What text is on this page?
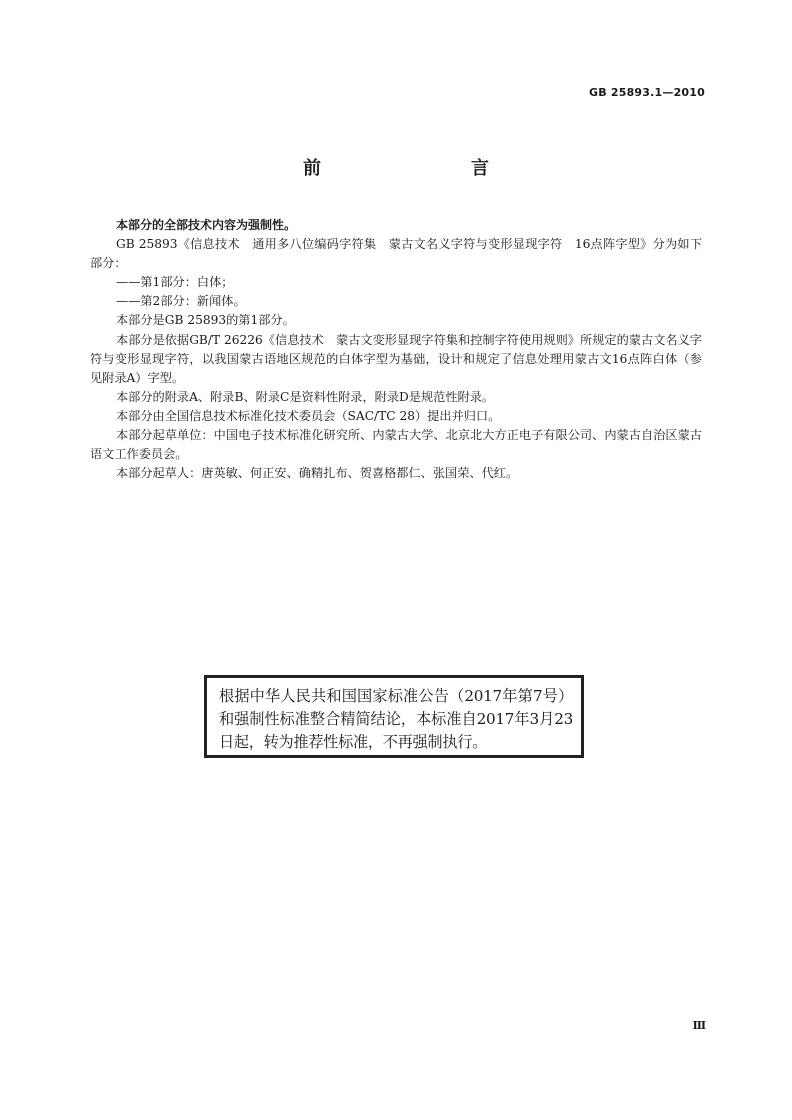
GB 25893.1—2010
前　　言

本部分的全部技术内容为强制性。

GB 25893《信息技术　通用多八位编码字符集　蒙古文名义字符与变形显现字符　16点阵字型》分为如下部分：

——第1部分：白体；

——第2部分：新闻体。

本部分是GB 25893的第1部分。

本部分是依据GB/T 26226《信息技术　蒙古文变形显现字符集和控制字符使用规则》所规定的蒙古文名义字符与变形显现字符，以我国蒙古语地区规范的白体字型为基础，设计和规定了信息处理用蒙古文16点阵白体（参见附录A）字型。

本部分的附录A、附录B、附录C是资料性附录，附录D是规范性附录。

本部分由全国信息技术标准化技术委员会（SAC/TC 28）提出并归口。

本部分起草单位：中国电子技术标准化研究所、内蒙古大学、北京北大方正电子有限公司、内蒙古自治区蒙古语文工作委员会。

本部分起草人：唐英敏、何正安、确精扎布、贺喜格都仁、张国荣、代红。

根据中华人民共和国国家标准公告（2017年第7号）和强制性标准整合精简结论，本标准自2017年3月23日起，转为推荐性标准，不再强制执行。
Ⅲ
